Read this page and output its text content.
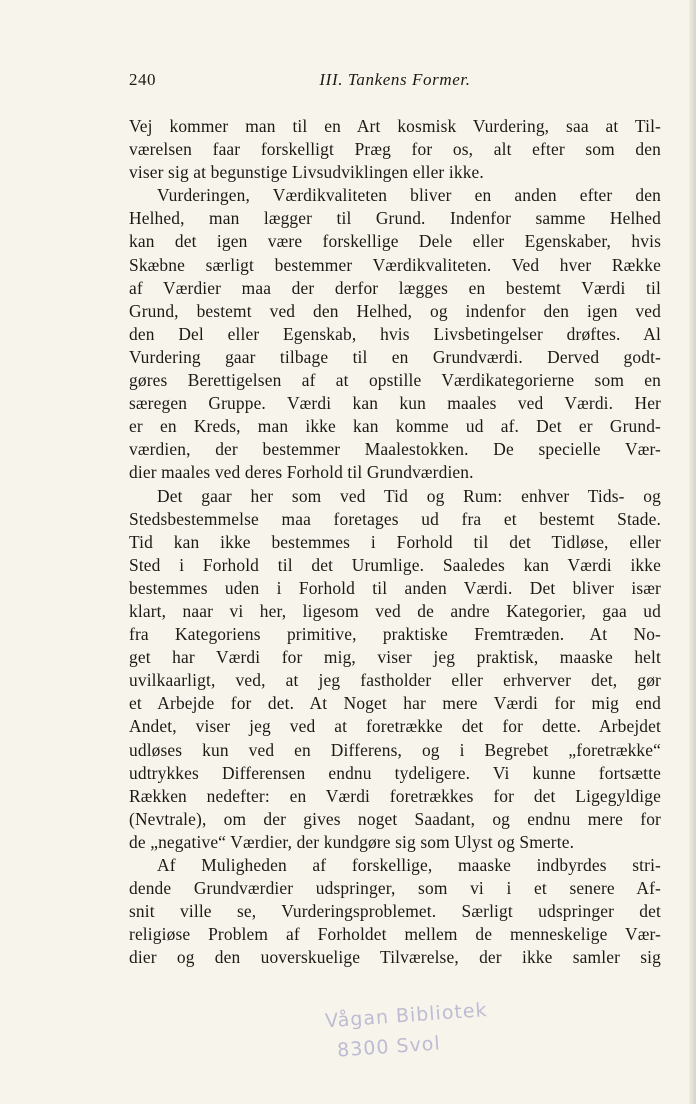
240	III. Tankens Former.
Vej kommer man til en Art kosmisk Vurdering, saa at Til-
værelsen faar forskelligt Præg for os, alt efter som den
viser sig at begunstige Livsudviklingen eller ikke.
Vurderingen, Værdikvaliteten bliver en anden efter den
Helhed, man lægger til Grund. Indenfor samme Helhed
kan det igen være forskellige Dele eller Egenskaber, hvis
Skæbne særligt bestemmer Værdikvaliteten. Ved hver Række
af Værdier maa der derfor lægges en bestemt Værdi til
Grund, bestemt ved den Helhed, og indenfor den igen ved
den Del eller Egenskab, hvis Livsbetingelser drøftes. Al
Vurdering gaar tilbage til en Grundværdi. Derved godt-
gøres Berettigelsen af at opstille Værdikategorierne som en
særegen Gruppe. Værdi kan kun maales ved Værdi. Her
er en Kreds, man ikke kan komme ud af. Det er Grund-
værdien, der bestemmer Maalestokken. De specielle Vær-
dier maales ved deres Forhold til Grundværdien.
Det gaar her som ved Tid og Rum: enhver Tids- og
Stedsbestemmelse maa foretages ud fra et bestemt Stade.
Tid kan ikke bestemmes i Forhold til det Tidløse, eller
Sted i Forhold til det Urumlige. Saaledes kan Værdi ikke
bestemmes uden i Forhold til anden Værdi. Det bliver især
klart, naar vi her, ligesom ved de andre Kategorier, gaa ud
fra Kategoriens primitive, praktiske Fremtræden. At No-
get har Værdi for mig, viser jeg praktisk, maaske helt
uvilkaarligt, ved, at jeg fastholder eller erhverver det, gør
et Arbejde for det. At Noget har mere Værdi for mig end
Andet, viser jeg ved at foretrække det for dette. Arbejdet
udløses kun ved en Differens, og i Begrebet „foretrække“
udtrykkes Differensen endnu tydeligere. Vi kunne fortsætte
Rækken nedefter: en Værdi foretrækkes for det Ligegyldige
(Nevtrale), om der gives noget Saadant, og endnu mere for
de „negative“ Værdier, der kundgøre sig som Ulyst og Smerte.
Af Muligheden af forskellige, maaske indbyrdes stri-
dende Grundværdier udspringer, som vi i et senere Af-
snit ville se, Vurderingsproblemet. Særligt udspringer det
religiøse Problem af Forholdet mellem de menneskelige Vær-
dier og den uoverskuelige Tilværelse, der ikke samler sig
Vågan Bibliotek
8300 Svol
